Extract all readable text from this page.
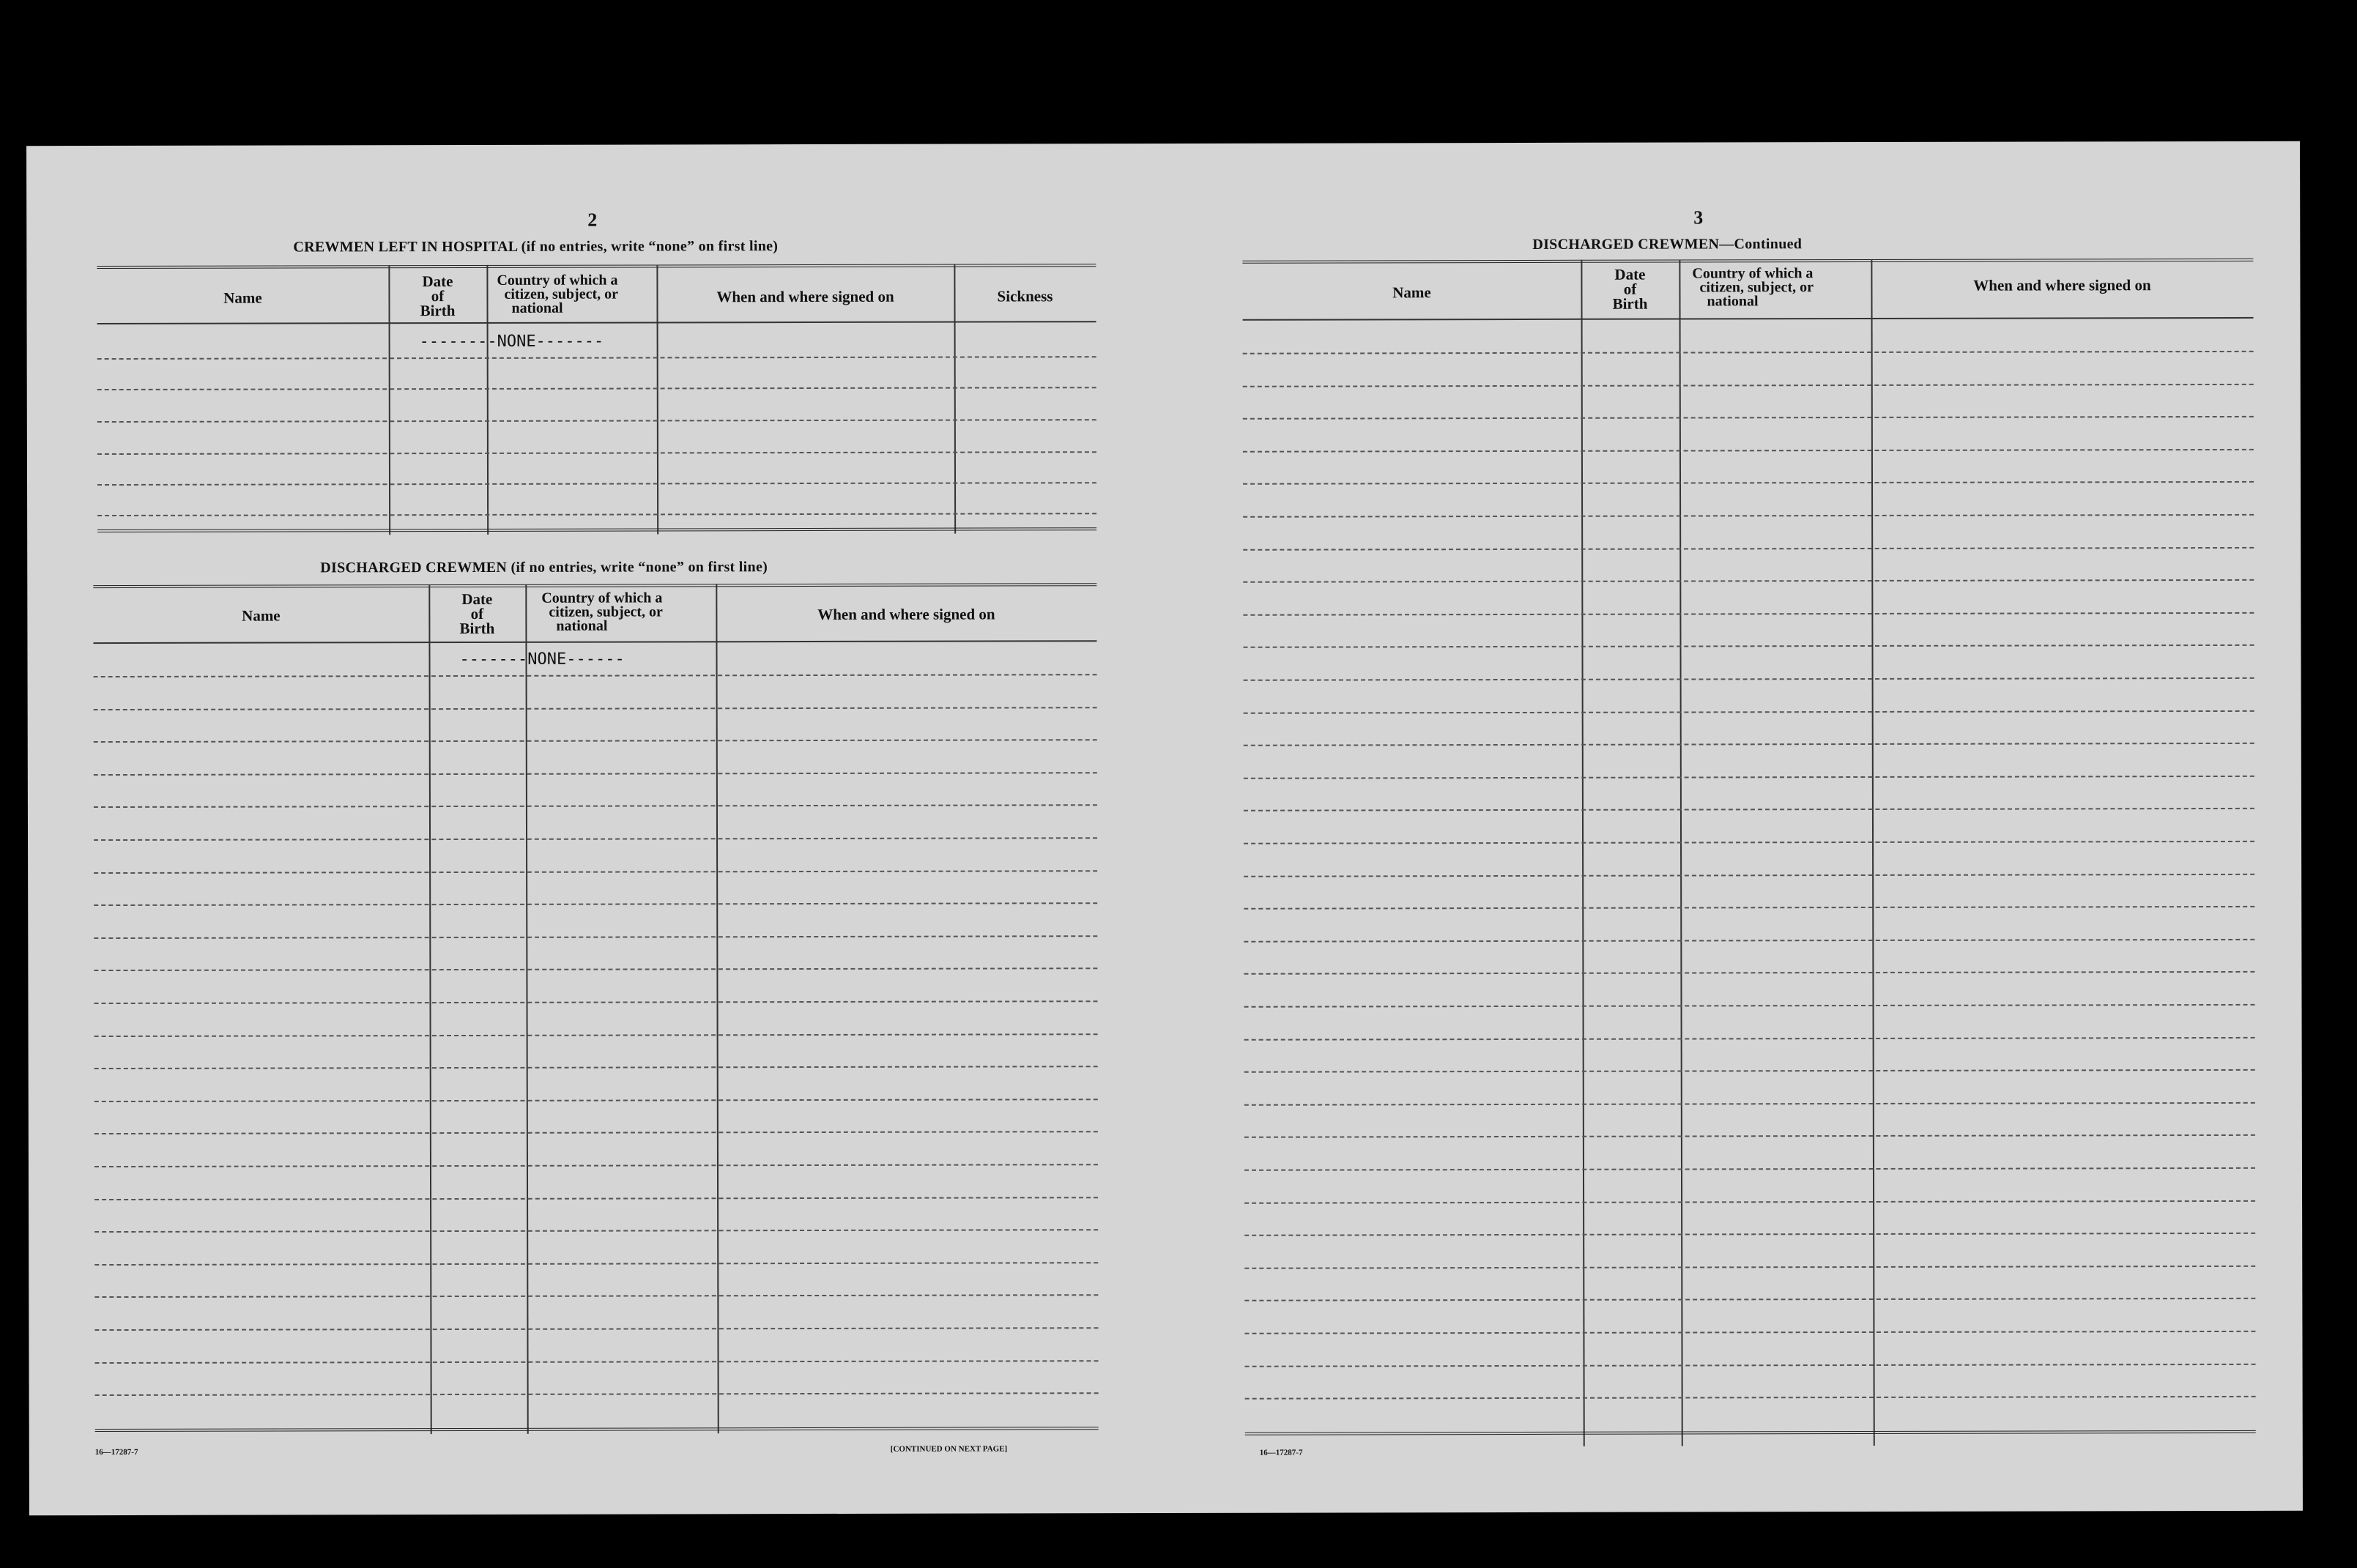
2
CREWMEN LEFT IN HOSPITAL (if no entries, write “none” on first line)
Name
Date
of
Birth
Country of which a
citizen, subject, or
national
When and where signed on	Sickness
--------NONE-------
DISCHARGED CREWMEN (if no entries, write “none” on first line)
Name
Date
of
Birth
Country of which a
citizen, subject, or
national
When and where signed on
-------NONE------
16—17287-7	[CONTINUED ON NEXT PAGE]
3
DISCHARGED CREWMEN—Continued
Name
Date
of
Birth
Country of which a
citizen, subject, or
national
When and where signed on
16—17287-7
